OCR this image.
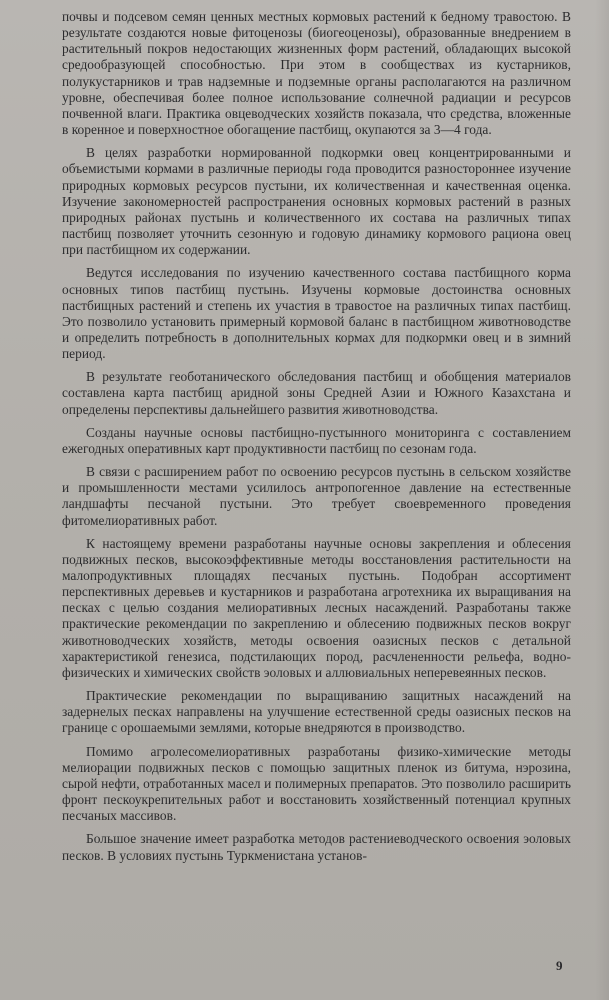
почвы и подсевом семян ценных местных кормовых растений к бедному травостою. В результате создаются новые фитоценозы (биогеоценозы), образованные внедрением в растительный покров недостающих жизненных форм растений, обладающих высокой средообразующей способностью. При этом в сообществах из кустарников, полукустарников и трав надземные и подземные органы располагаются на различном уровне, обеспечивая более полное использование солнечной радиации и ресурсов почвенной влаги. Практика овцеводческих хозяйств показала, что средства, вложенные в коренное и поверхностное обогащение пастбищ, окупаются за 3—4 года.

В целях разработки нормированной подкормки овец концентрированными и объемистыми кормами в различные периоды года проводится разностороннее изучение природных кормовых ресурсов пустыни, их количественная и качественная оценка. Изучение закономерностей распространения основных кормовых растений в разных природных районах пустынь и количественного их состава на различных типах пастбищ позволяет уточнить сезонную и годовую динамику кормового рациона овец при пастбищном их содержании.

Ведутся исследования по изучению качественного состава пастбищного корма основных типов пастбищ пустынь. Изучены кормовые достоинства основных пастбищных растений и степень их участия в травостое на различных типах пастбищ. Это позволило установить примерный кормовой баланс в пастбищном животноводстве и определить потребность в дополнительных кормах для подкормки овец и в зимний период.

В результате геоботанического обследования пастбищ и обобщения материалов составлена карта пастбищ аридной зоны Средней Азии и Южного Казахстана и определены перспективы дальнейшего развития животноводства.

Созданы научные основы пастбищно-пустынного мониторинга с составлением ежегодных оперативных карт продуктивности пастбищ по сезонам года.

В связи с расширением работ по освоению ресурсов пустынь в сельском хозяйстве и промышленности местами усилилось антропогенное давление на естественные ландшафты песчаной пустыни. Это требует своевременного проведения фитомелиоративных работ.

К настоящему времени разработаны научные основы закрепления и облесения подвижных песков, высокоэффективные методы восстановления растительности на малопродуктивных площадях песчаных пустынь. Подобран ассортимент перспективных деревьев и кустарников и разработана агротехника их выращивания на песках с целью создания мелиоративных лесных насаждений. Разработаны также практические рекомендации по закреплению и облесению подвижных песков вокруг животноводческих хозяйств, методы освоения оазисных песков с детальной характеристикой генезиса, подстилающих пород, расчлененности рельефа, водно-физических и химических свойств эоловых и аллювиальных неперевеянных песков.

Практические рекомендации по выращиванию защитных насаждений на задернелых песках направлены на улучшение естественной среды оазисных песков на границе с орошаемыми землями, которые внедряются в производство.

Помимо агролесомелиоративных разработаны физико-химические методы мелиорации подвижных песков с помощью защитных пленок из битума, нэрозина, сырой нефти, отработанных масел и полимерных препаратов. Это позволило расширить фронт пескоукрепительных работ и восстановить хозяйственный потенциал крупных песчаных массивов.

Большое значение имеет разработка методов растениеводческого освоения эоловых песков. В условиях пустынь Туркменистана установ-

9
